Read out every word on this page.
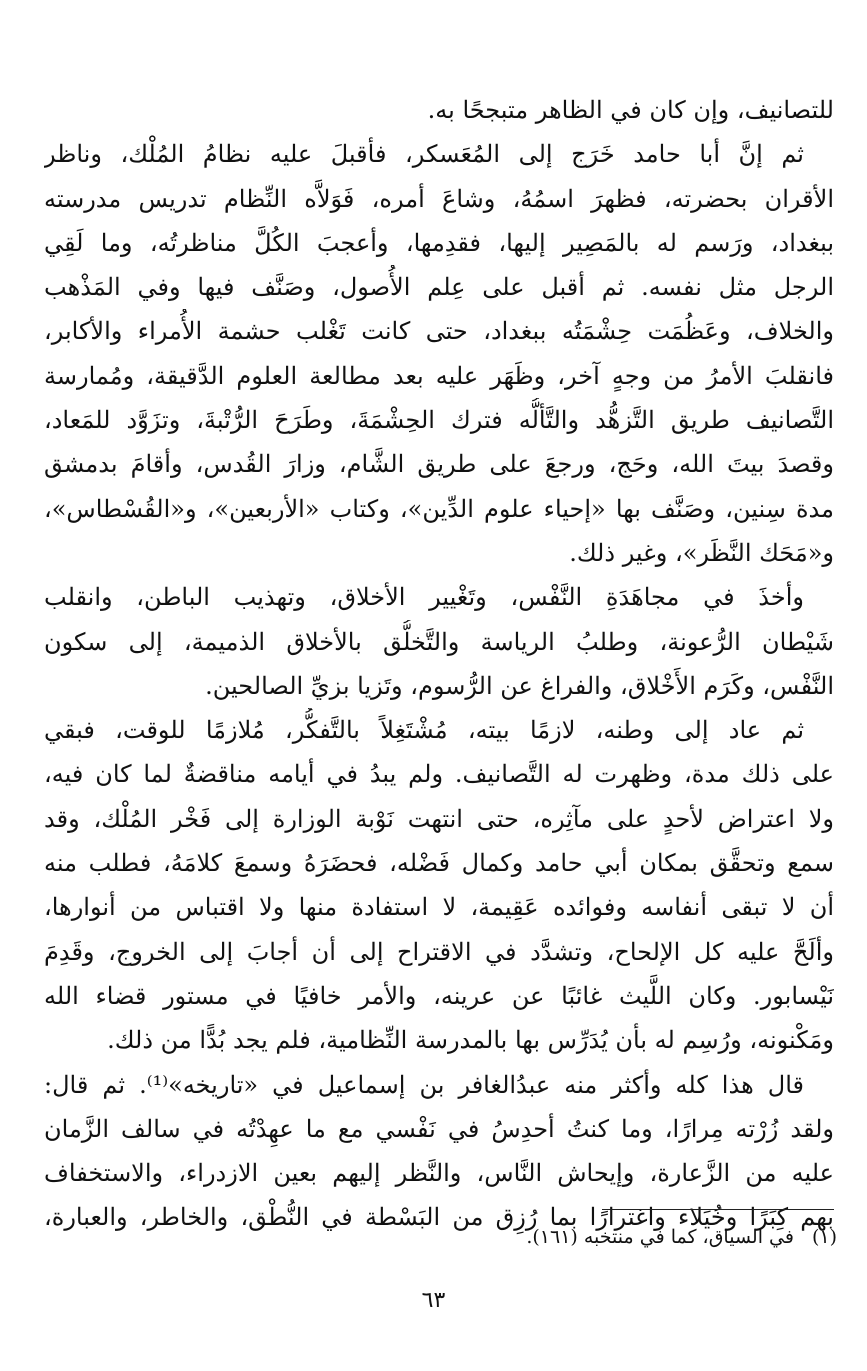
للتصانيف، وإن كان في الظاهر متبجحًا به.
ثم إنَّ أبا حامد خَرَج إلى المُعَسكر، فأقبلَ عليه نظامُ المُلْك، وناظر
الأقران بحضرته، فظهرَ اسمُهُ، وشاعَ أمره، فَوَلاَّه النِّظام تدريس مدرسته
ببغداد، ورَسم له بالمَصِير إليها، فقدِمها، وأعجبَ الكُلَّ مناظرتُه، وما لَقِي
الرجل مثل نفسه. ثم أقبل على عِلم الأُصول، وصَنَّف فيها وفي المَذْهب
والخلاف، وعَظُمَت حِشْمَتُه ببغداد، حتى كانت تَغْلب حشمة الأُمراء والأكابر،
فانقلبَ الأمرُ من وجهٍ آخر، وظَهَر عليه بعد مطالعة العلوم الدَّقيقة، ومُمارسة
التَّصانيف طريق التَّزهُّد والتَّألُّه فترك الحِشْمَةَ، وطَرَحَ الرُّتْبةَ، وتزَوَّد للمَعاد،
وقصدَ بيتَ الله، وحَج، ورجعَ على طريق الشَّام، وزارَ القُدس، وأقامَ بدمشق
مدة سِنين، وصَنَّف بها «إحياء علوم الدِّين»، وكتاب «الأربعين»، و«القُسْطاس»،
و«مَحَك النَّظَر»، وغير ذلك.
وأخذَ في مجاهَدَةِ النَّفْس، وتَغْيير الأخلاق، وتهذيب الباطن، وانقلب
شَيْطان الرُّعونة، وطلبُ الرياسة والتَّخلُّق بالأخلاق الذميمة، إلى سكون
النَّفْس، وكَرَم الأَخْلاق، والفراغ عن الرُّسوم، وتَزيا بزيِّ الصالحين.
ثم عاد إلى وطنه، لازمًا بيته، مُشْتَغِلاً بالتَّفكُّر، مُلازمًا للوقت، فبقي
على ذلك مدة، وظهرت له التَّصانيف. ولم يبدُ في أيامه مناقضةٌ لما كان فيه،
ولا اعتراض لأحدٍ على مآثِره، حتى انتهت نَوْبة الوزارة إلى فَخْر المُلْك، وقد
سمع وتحقَّق بمكان أبي حامد وكمال فَضْله، فحضَرَهُ وسمعَ كلامَهُ، فطلب منه
أن لا تبقى أنفاسه وفوائده عَقِيمة، لا استفادة منها ولا اقتباس من أنوارها،
وألَحَّ عليه كل الإلحاح، وتشدَّد في الاقتراح إلى أن أجابَ إلى الخروج، وقَدِمَ
نَيْسابور. وكان اللَّيث غائبًا عن عرينه، والأمر خافيًا في مستور قضاء الله
ومَكْنونه، ورُسِم له بأن يُدَرِّس بها بالمدرسة النِّظامية، فلم يجد بُدًّا من ذلك.
قال هذا كله وأكثر منه عبدُالغافر بن إسماعيل في «تاريخه»⁽¹⁾. ثم قال:
ولقد زُرْته مِرارًا، وما كنتُ أحدِسُ في نَفْسي مع ما عهِدْتُه في سالف الزَّمان
عليه من الزَّعارة، وإيحاش النَّاس، والنَّظر إليهم بعين الازدراء، والاستخفاف
بهم كِبَرًا وخُيَلاء واغترارًا بما رُزِق من البَسْطة في النُّطْق، والخاطر، والعبارة،
(١)في السياق، كما في منتخبه (١٦١).
٦٣
